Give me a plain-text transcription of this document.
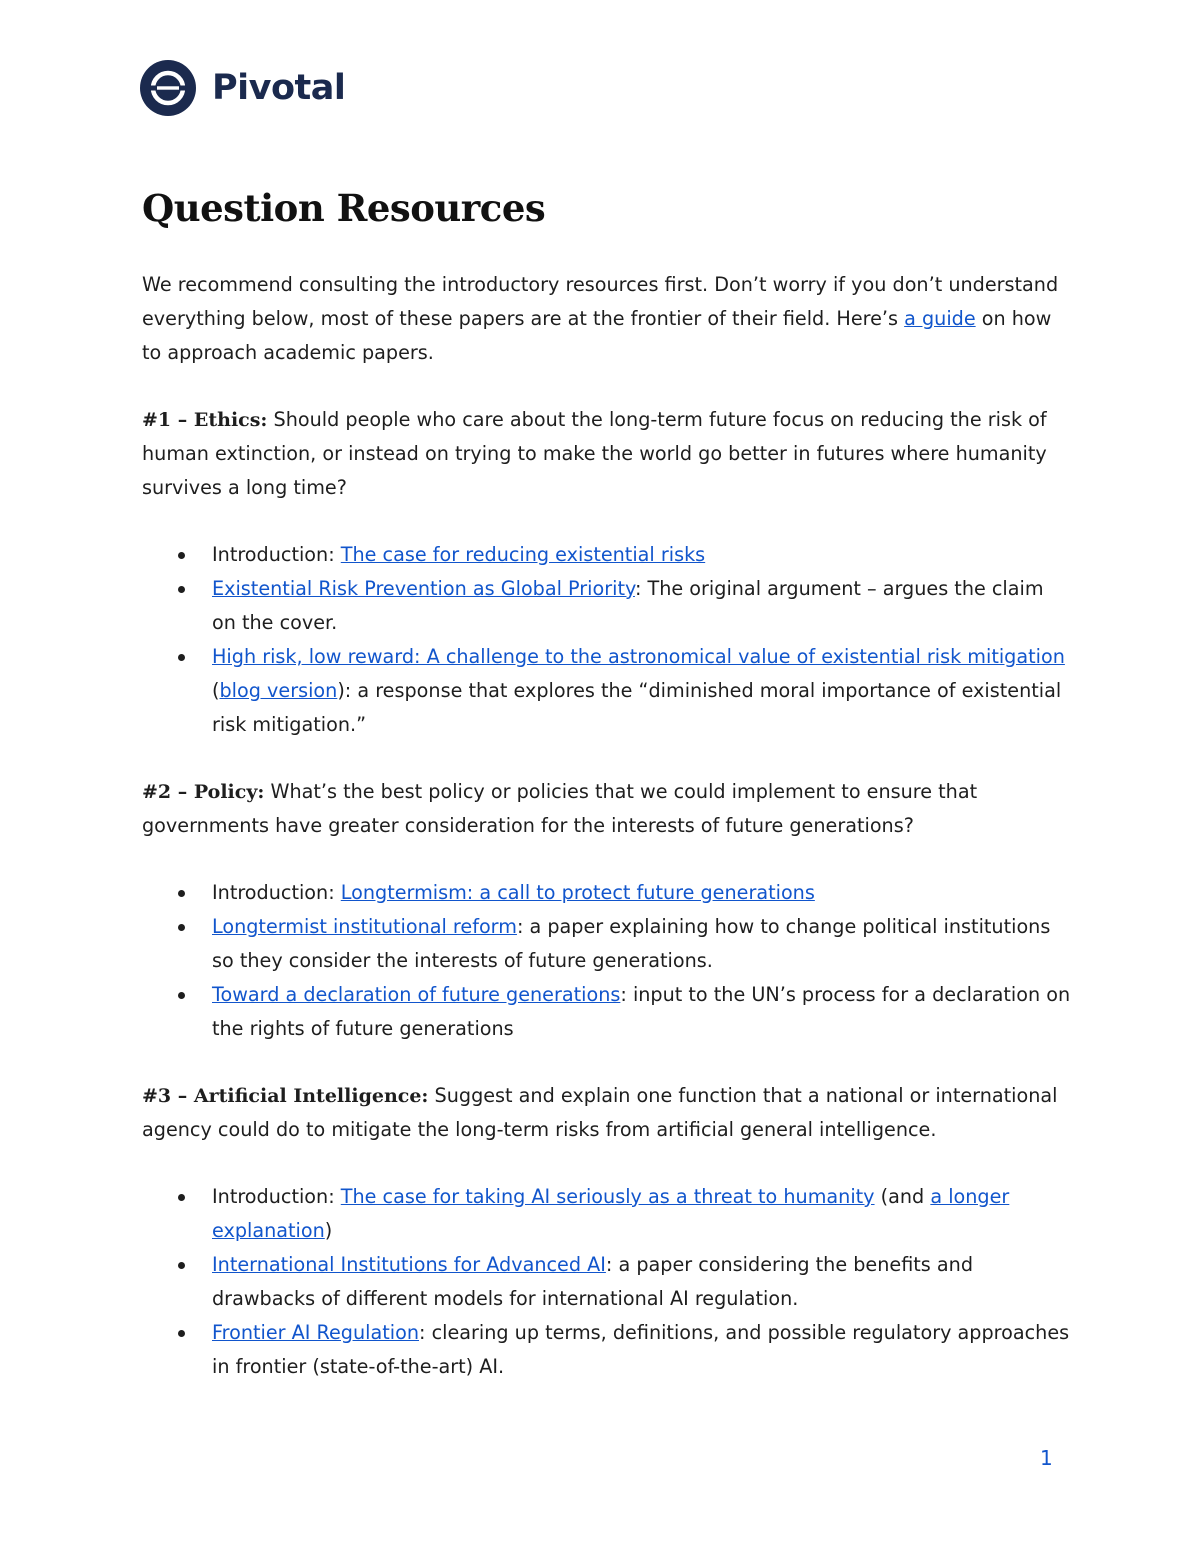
Pivotal
Question Resources

We recommend consulting the introductory resources first. Don’t worry if you don’t understand everything below, most of these papers are at the frontier of their field. Here’s a guide on how to approach academic papers.

#1 – Ethics: Should people who care about the long-term future focus on reducing the risk of human extinction, or instead on trying to make the world go better in futures where humanity survives a long time?

Introduction: The case for reducing existential risks
Existential Risk Prevention as Global Priority: The original argument – argues the claim on the cover.
High risk, low reward: A challenge to the astronomical value of existential risk mitigation (blog version): a response that explores the “diminished moral importance of existential risk mitigation.”

#2 – Policy: What’s the best policy or policies that we could implement to ensure that governments have greater consideration for the interests of future generations?

Introduction: Longtermism: a call to protect future generations
Longtermist institutional reform: a paper explaining how to change political institutions so they consider the interests of future generations.
Toward a declaration of future generations: input to the UN’s process for a declaration on the rights of future generations

#3 – Artificial Intelligence: Suggest and explain one function that a national or international agency could do to mitigate the long-term risks from artificial general intelligence.

Introduction: The case for taking AI seriously as a threat to humanity (and a longer explanation)
International Institutions for Advanced AI: a paper considering the benefits and drawbacks of different models for international AI regulation.
Frontier AI Regulation: clearing up terms, definitions, and possible regulatory approaches in frontier (state-of-the-art) AI.
1
